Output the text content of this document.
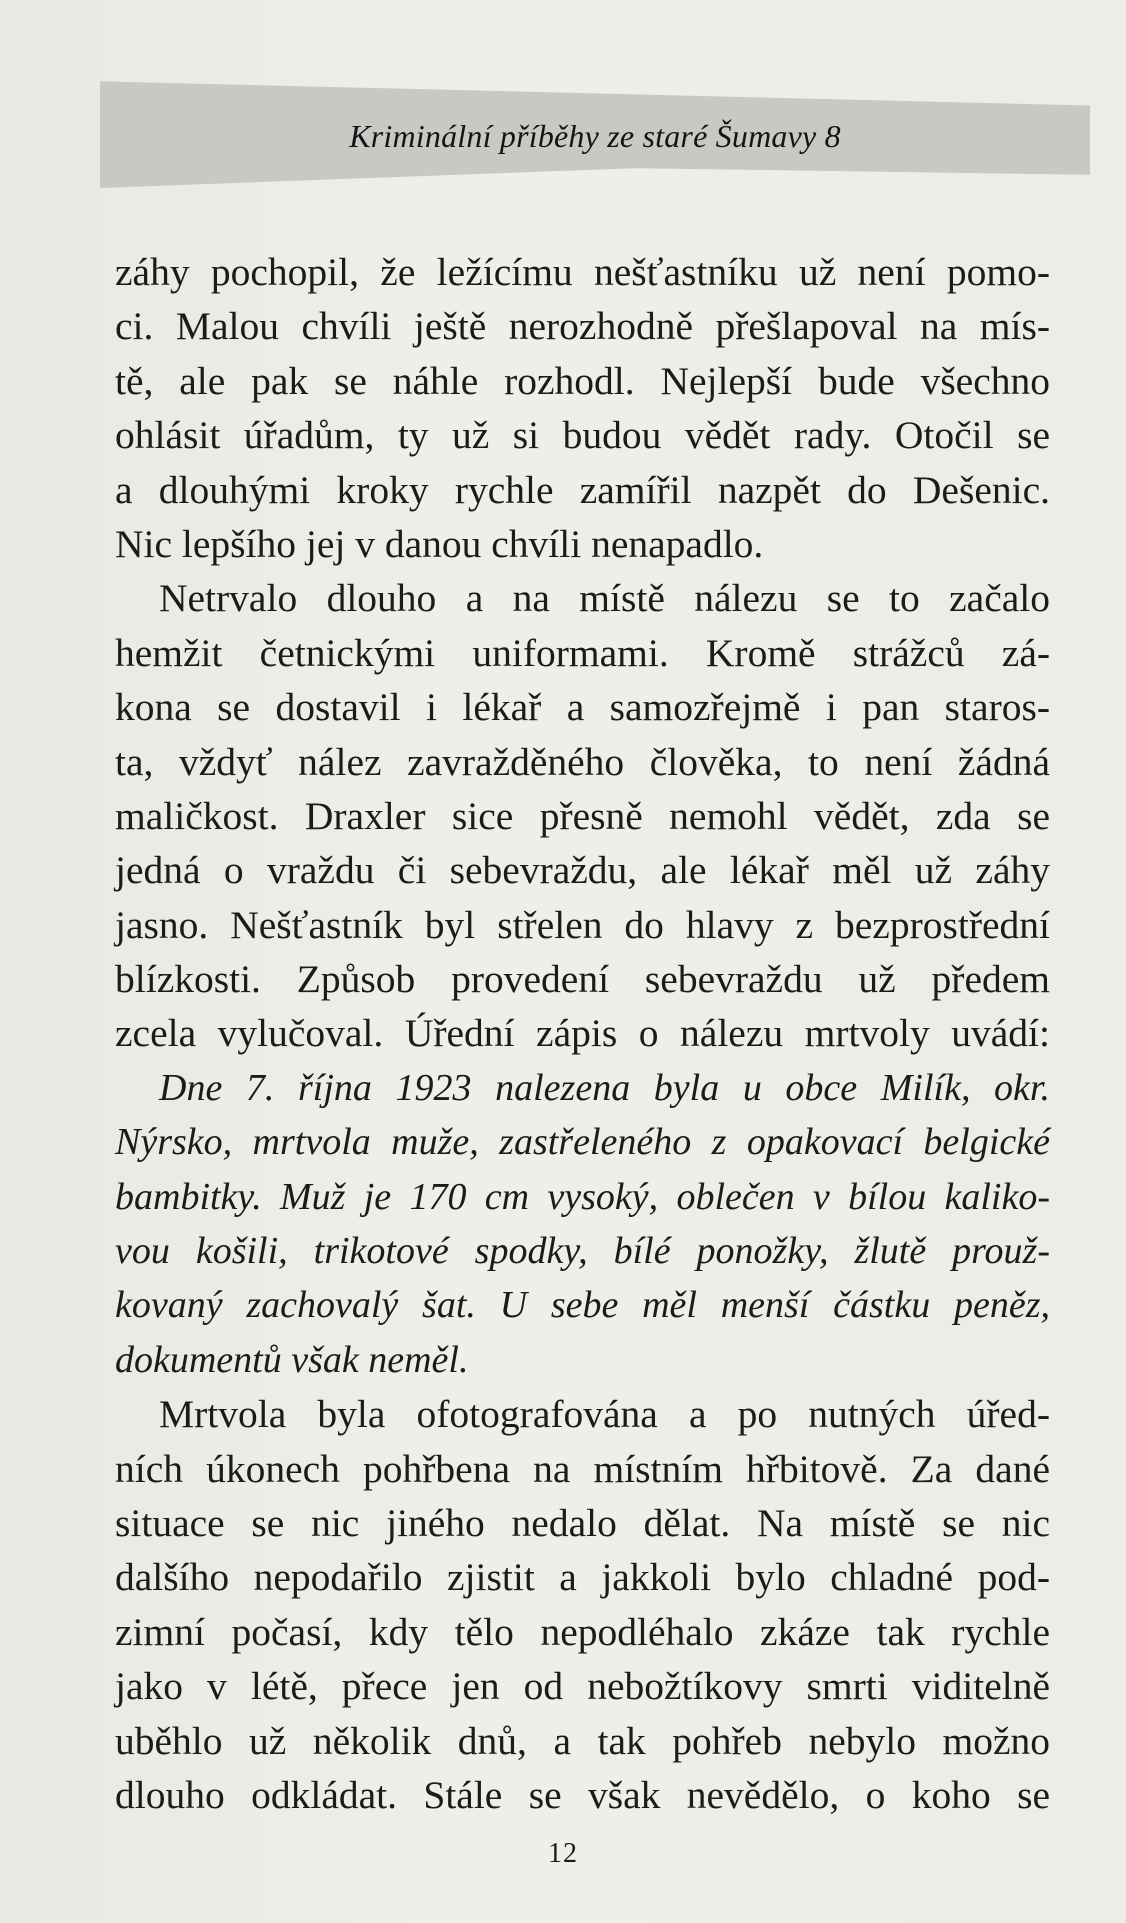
Kriminální příběhy ze staré Šumavy 8
záhy pochopil, že ležícímu nešťastníku už není pomo-
ci. Malou chvíli ještě nerozhodně přešlapoval na mís-
tě, ale pak se náhle rozhodl. Nejlepší bude všechno
ohlásit úřadům, ty už si budou vědět rady. Otočil se
a dlouhými kroky rychle zamířil nazpět do Dešenic.
Nic lepšího jej v danou chvíli nenapadlo.
Netrvalo dlouho a na místě nálezu se to začalo
hemžit četnickými uniformami. Kromě strážců zá-
kona se dostavil i lékař a samozřejmě i pan staros-
ta, vždyť nález zavražděného člověka, to není žádná
maličkost. Draxler sice přesně nemohl vědět, zda se
jedná o vraždu či sebevraždu, ale lékař měl už záhy
jasno. Nešťastník byl střelen do hlavy z bezprostřední
blízkosti. Způsob provedení sebevraždu už předem
zcela vylučoval. Úřední zápis o nálezu mrtvoly uvádí:
Dne 7. října 1923 nalezena byla u obce Milík, okr.
Nýrsko, mrtvola muže, zastřeleného z opakovací belgické
bambitky. Muž je 170 cm vysoký, oblečen v bílou kaliko-
vou košili, trikotové spodky, bílé ponožky, žlutě prouž-
kovaný zachovalý šat. U sebe měl menší částku peněz,
dokumentů však neměl.
Mrtvola byla ofotografována a po nutných úřed-
ních úkonech pohřbena na místním hřbitově. Za dané
situace se nic jiného nedalo dělat. Na místě se nic
dalšího nepodařilo zjistit a jakkoli bylo chladné pod-
zimní počasí, kdy tělo nepodléhalo zkáze tak rychle
jako v létě, přece jen od nebožtíkovy smrti viditelně
uběhlo už několik dnů, a tak pohřeb nebylo možno
dlouho odkládat. Stále se však nevědělo, o koho se
12
